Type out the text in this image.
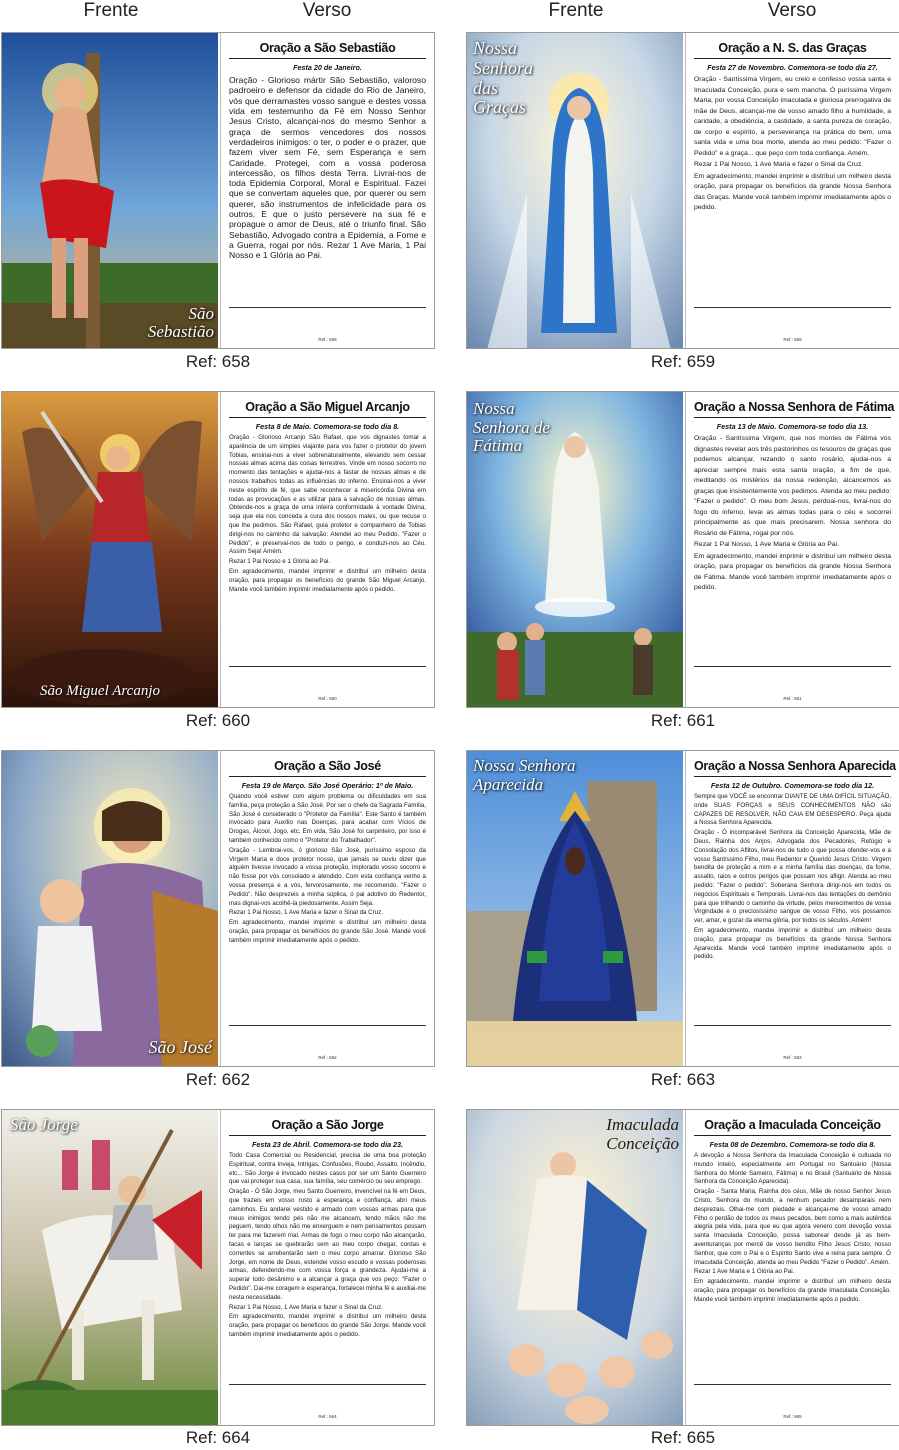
Frente	Verso	Frente	Verso
São Sebastião
Oração a São Sebastião
Festa 20 de Janeiro.

Oração - Glorioso mártir São Sebastião, valoroso padroeiro e defensor da cidade do Rio de Janeiro, vós que derramastes vosso sangue e destes vossa vida em testemunho da Fé em Nosso Senhor Jesus Cristo, alcançai-nos do mesmo Senhor a graça de sermos vencedores dos nossos verdadeiros inimigos: o ter, o poder e o prazer, que fazem viver sem Fé, sem Esperança e sem Caridade. Protegei, com a vossa poderosa intercessão, os filhos desta Terra. Livrai-nos de toda Epidemia Corporal, Moral e Espiritual. Fazei que se convertam aqueles que, por querer ou sem querer, são instrumentos de infelicidade para os outros. E que o justo persevere na sua fé e propague o amor de Deus, até o triunfo final. São Sebastião, Advogado contra a Epidemia, a Fome e a Guerra, rogai por nós. Rezar 1 Ave Maria, 1 Pai Nosso e 1 Glória ao Pai.

Ref.: 658
Ref: 658
Nossa Senhora das Graças
Oração a N. S. das Graças
Festa 27 de Novembro. Comemora-se todo dia 27.

Oração - Santíssima Virgem, eu creio e confesso vossa santa e Imaculada Conceição, pura e sem mancha. Ó puríssima Virgem Maria, por vossa Conceição imaculada e gloriosa prerrogativa de mãe de Deus, alcançai-me de vosso amado filho a humildade, a caridade, a obediência, a castidade, a santa pureza de coração, de corpo e espírito, a perseverança na prática do bem, uma santa vida e uma boa morte, atenda ao meu pedido: "Fazer o Pedido" e a graça... que peço com toda confiança. Amém.

Rezar 1 Pai Nosso, 1 Ave Maria e fazer o Sinal da Cruz.

Em agradecimento, mandei imprimir e distribuí um milheiro desta oração, para propagar os benefícios da grande Nossa Senhora das Graças. Mande você também imprimir imediatamente após o pedido.

Ref.: 659
Ref: 659
São Miguel Arcanjo
Oração a São Miguel Arcanjo
Festa 8 de Maio. Comemora-se todo dia 8.

Oração - Glorioso Arcanjo São Rafael, que vos dignastes tomar a aparência de um simples viajante para vos fazer o protetor do jovem Tobias, ensinai-nos a viver sobrenaturalmente, elevando sem cessar nossas almas acima das coisas terrestres. Vinde em nosso socorro no momento das tentações e ajudai-nos a fastar de nossas almas e de nossos trabalhos todas as influências do inferno. Ensinai-nos a viver neste espírito de fé, que sabe reconhecer a misericórdia Divina em todas as provocações e as utilizar para a salvação de nossas almas. Obtende-nos a graça de uma inteira conformidade à vontade Divina, seja que ela nos conceda a cura dos nossos males, ou que recuse o que lhe pedimos. São Rafael, guia protetor e companheiro de Tobias dirigi-nos no caminho da salvação: Atendei ao meu Pedido. "Fazer o Pedido", e preservai-nos de todo o perigo, e conduzi-nos ao Céu. Assim Seja! Amém.

Rezar 1 Pai Nosso e 1 Glória ao Pai.

Em agradecimento, mandei imprimir e distribuí um milheiro desta oração, para propagar os benefícios do grande São Miguel Arcanjo. Mande você também imprimir imediatamente após o pedido.

Ref.: 660
Ref: 660
Nossa Senhora de Fátima
Oração a Nossa Senhora de Fátima
Festa 13 de Maio. Comemora-se todo dia 13.

Oração - Santíssima Virgem, que nos montes de Fátima vos dignastes revelar aos três pastorinhos os tesouros de graças que podemos alcançar, rezando o santo rosário, ajudai-nos a apreciar sempre mais esta santa oração, a fim de que, meditando os mistérios da nossa redenção, alcancemos as graças que insistentemente vos pedimos. Atenda ao meu pedido: "Fazer o pedido". O meu bom Jesus, perdoai-nos, livrai-nos do fogo do inferno, levai as almas todas para o céu e socorrei principalmente as que mais precisarem. Nossa senhora do Rosário de Fátima, rogai por nós.

Rezar 1 Pai Nosso, 1 Ave Maria e Glória ao Pai.

Em agradecimento, mandei imprimir e distribuí um milheiro desta oração, para propagar os benefícios da grande Nossa Senhora de Fátima. Mande você também imprimir imediatamente após o pedido.

Ref.: 661
Ref: 661
São José
Oração a São José
Festa 19 de Março. São José Operário: 1º de Maio.

Quando você estiver com algum problema ou dificuldades em sua família, peça proteção a São José. Por ser o chefe da Sagrada Família, São José é considerado o "Protetor da Família". Este Santo é também invocado para Auxílio nas Doenças, para acabar com Vícios de Drogas, Álcool, Jogo, etc. Em vida, São José foi carpinteiro, por isso é também conhecido como o "Protetor do Trabalhador".

Oração - Lembrai-vos, ó glorioso São José, puríssimo esposo da Virgem Maria e doce protetor nosso, que jamais se ouviu dizer que alguém tivesse invocado a vossa proteção, implorado vosso socorro e não fosse por vós consolado e atendido. Com esta confiança venho à vossa presença e a vós, fervorosamente, me recomendo. "Fazer o Pedido". Não desprezeis a minha súplica, ó pai adotivo do Redentor, mas dignai-vos acolhê-la piedosamente. Assim Seja.

Rezar 1 Pai Nosso, 1 Ave Maria e fazer o Sinal da Cruz.

Em agradecimento, mandei imprimir e distribuí um milheiro desta oração, para propagar os benefícios do grande São José. Mande você também imprimir imediatamente após o pedido.

Ref.: 662
Ref: 662
Nossa Senhora Aparecida
Oração a Nossa Senhora Aparecida
Festa 12 de Outubro. Comemora-se todo dia 12.

Sempre que VOCÊ se encontrar DIANTE DE UMA DIFÍCIL SITUAÇÃO, onde SUAS FORÇAS e SEUS CONHECIMENTOS NÃO são CAPAZES DE RESOLVER, NÃO CAIA EM DESESPERO. Peça ajuda a Nossa Senhora Aparecida.

Oração - Ó incomparável Senhora da Conceição Aparecida, Mãe de Deus, Rainha dos Anjos, Advogada dos Pecadores, Refúgio e Consolação dos Aflitos, livrai-nos de tudo o que possa ofender-vos e a vosso Santíssimo Filho, meu Redentor e Querido Jesus Cristo. Virgem bendita de proteção a mim e a minha família das doenças, da fome, assalto, raios e outros perigos que possam nos afligir. Atenda ao meu pedido: "Fazer o pedido". Soberana Senhora dirigi-nos em todos os negócios Espirituais e Temporais. Livrai-nos das tentações do demônio para que trilhando o caminho da virtude, pelos merecimentos de vossa Virgindade e o preciosíssimo sangue de vosso Filho, vos possamos ver, amar, e gozar da eterna glória, por todos os séculos. Amém!

Em agradecimento, mandei imprimir e distribuí um milheiro desta oração, para propagar os benefícios da grande Nossa Senhora Aparecida. Mande você também imprimir imediatamente após o pedido.

Ref.: 663
Ref: 663
São Jorge	Oração a São Jorge
Festa 23 de Abril. Comemora-se todo dia 23.

Todo Casa Comercial ou Residencial, precisa de uma boa proteção Espiritual, contra Inveja, Intrigas, Confusões, Roubo, Assalto, Incêndio, etc... São Jorge é invocado nestes casos por ser um Santo Guerreiro que vai proteger sua casa, sua família, seu comércio ou seu emprego.

Oração - Ó São Jorge, meu Santo Guerreiro, invencível na fé em Deus, que trazeis em vosso rosto a esperança e confiança, abri meus caminhos. Eu andarei vestido e armado com vossas armas para que meus inimigos tendo pés não me alcancem, tendo mãos não me peguem, tendo olhos não me enxerguem e nem pensamentos possam ter para me fazerem mal. Armas de fogo o meu corpo não alcançarão, facas e lanças se quebrarão sem ao meu corpo chegar, cordas e correntes se arrebentarão sem o meu corpo amarrar. Glorioso São Jorge, em nome de Deus, estendei vosso escudo e vossas poderosas armas, defendendo-me com vossa força e grandeza. Ajudai-me a superar todo desânimo e a alcançar a graça que vos peço: "Fazer o Pedido". Dai-me coragem e esperança, fortalecei minha fé e auxiliai-me nesta necessidade.

Rezar 1 Pai Nosso, 1 Ave Maria e fazer o Sinal da Cruz.

Em agradecimento, mandei imprimir e distribuí um milheiro desta oração, para propagar os benefícios do grande São Jorge. Mande você também imprimir imediatamente após o pedido.

Ref.: 664
Ref: 664
Imaculada Conceição
Oração a Imaculada Conceição
Festa 08 de Dezembro. Comemora-se todo dia 8.

A devoção a Nossa Senhora da Imaculada Conceição é cultuada no mundo inteiro, especialmente em Portugal no Santuário (Nossa Senhora do Monte Sameiro, Fátima) e no Brasil (Santuário de Nossa Senhora da Conceição Aparecida).

Oração - Santa Maria, Rainha dos céus, Mãe de nosso Senhor Jesus Cristo, Senhora do mundo, a nenhum pecador desamparais nem desprezais. Olhai-me com piedade e alcançai-me de vosso amado Filho o perdão de todos os meus pecados, bem como a mais autêntica alegria pela vida, para que eu que agora venero com devoção vossa santa Imaculada Conceição, possa saborear desde já as bem-aventuranças por mercê de vosso bendito Filho Jesus Cristo, nosso Senhor, que com o Pai e o Espírito Santo vive e reina para sempre. Ó Imaculada Conceição, atenda ao meu Pedido "Fazer o Pedido". Amém.

Rezar 1 Ave Maria e 1 Glória ao Pai.

Em agradecimento, mandei imprimir e distribuí um milheiro desta oração, para propagar os benefícios da grande Imaculada Conceição. Mande você também imprimir imediatamente após o pedido.

Ref.: 665
Ref: 665
